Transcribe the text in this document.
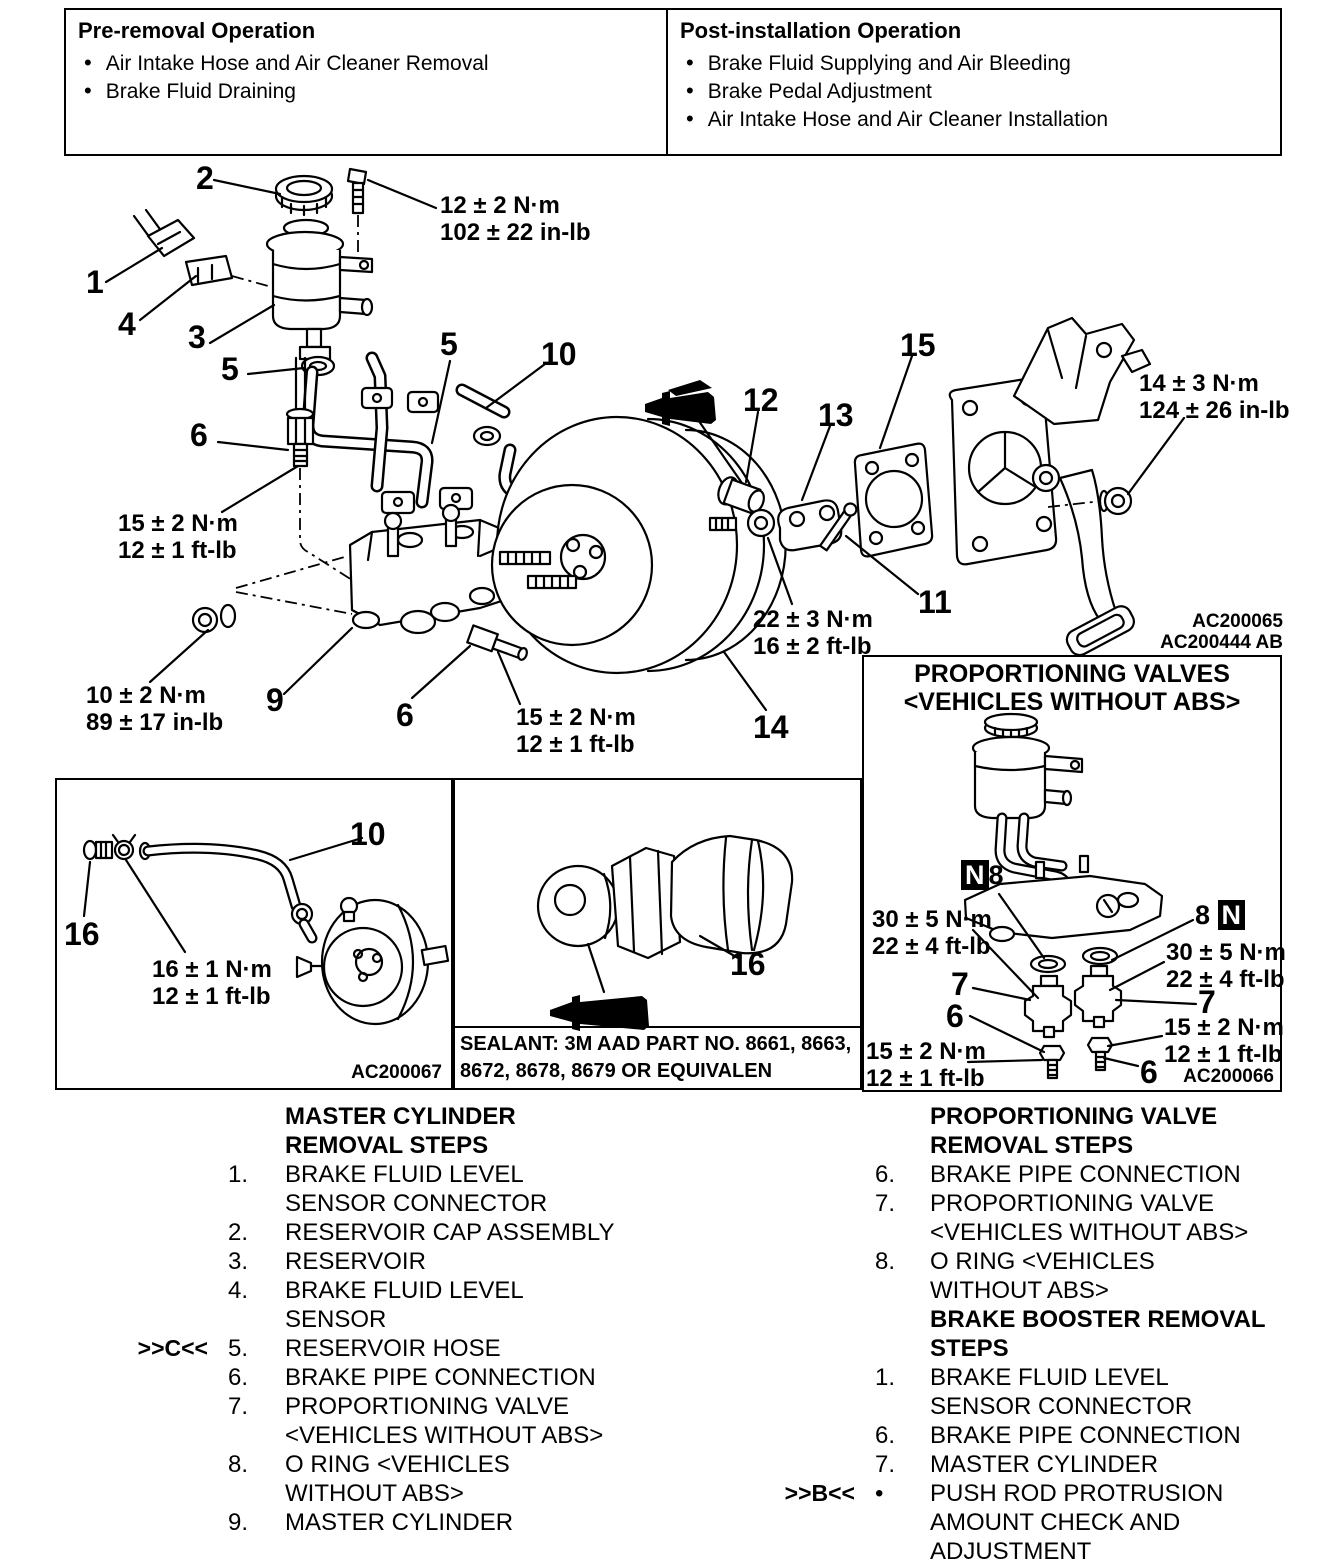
Pre-removal Operation
• Air Intake Hose and Air Cleaner Removal
• Brake Fluid Draining
Post-installation Operation
• Brake Fluid Supplying and Air Bleeding
• Brake Pedal Adjustment
• Air Intake Hose and Air Cleaner Installation
SEALANT: 3M AAD PART NO. 8661, 8663, 8672, 8678, 8679 OR EQUIVALEN
2
1
4 3
5
5	10
6
12 13
15
11
9	6	14
12 ± 2 N·m
102 ± 22 in-lb
15 ± 2 N·m
12 ± 1 ft-lb
14 ± 3 N·m
124 ± 26 in-lb
22 ± 3 N·m
16 ± 2 ft-lb
10 ± 2 N·m
89 ± 17 in-lb	15 ± 2 N·m
12 ± 1 ft-lb
AC200065
AC200444 AB
16
10
16 ± 1 N·m
12 ± 1 ft-lb
AC200067
16
PROPORTIONING VALVES
<VEHICLES WITHOUT ABS>
N 8
8 N
30 ± 5 N·m
22 ± 4 ft-lb	30 ± 5 N·m
22 ± 4 ft-lb
7	7
6
6
15 ± 2 N·m
12 ± 1 ft-lb
15 ± 2 N·m
12 ± 1 ft-lb
AC200066
MASTER CYLINDER REMOVAL STEPS
1.	BRAKE FLUID LEVEL SENSOR CONNECTOR
2.	RESERVOIR CAP ASSEMBLY
3.	RESERVOIR
4.	BRAKE FLUID LEVEL SENSOR
>>C<< 5.	RESERVOIR HOSE
6.	BRAKE PIPE CONNECTION
7.	PROPORTIONING VALVE <VEHICLES WITHOUT ABS>
8.	O RING <VEHICLES WITHOUT ABS>
9.	MASTER CYLINDER
PROPORTIONING VALVE REMOVAL STEPS
6.	BRAKE PIPE CONNECTION
7.	PROPORTIONING VALVE <VEHICLES WITHOUT ABS>
8.	O RING <VEHICLES WITHOUT ABS>
BRAKE BOOSTER REMOVAL STEPS
1.	BRAKE FLUID LEVEL SENSOR CONNECTOR
6.	BRAKE PIPE CONNECTION
7.	MASTER CYLINDER
>>B<< •	PUSH ROD PROTRUSION AMOUNT CHECK AND ADJUSTMENT
